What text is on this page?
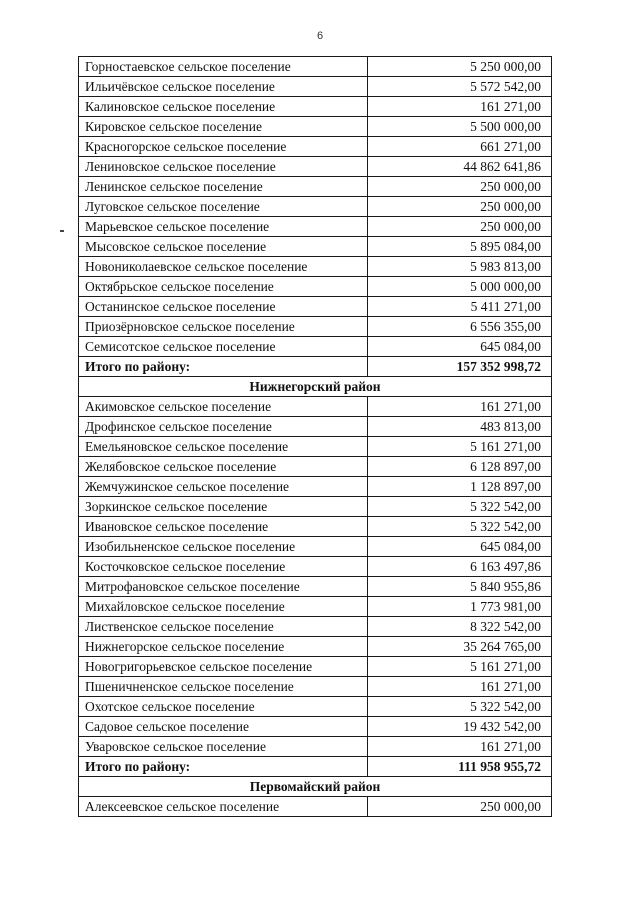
6
Горностаевское сельское поселение	5 250 000,00
Ильичёвское сельское поселение	5 572 542,00
Калиновское сельское поселение	161 271,00
Кировское сельское поселение	5 500 000,00
Красногорское сельское поселение	661 271,00
Лениновское сельское поселение	44 862 641,86
Ленинское сельское поселение	250 000,00
Луговское сельское поселение	250 000,00
Марьевское сельское поселение	250 000,00
Мысовское сельское поселение	5 895 084,00
Новониколаевское сельское поселение	5 983 813,00
Октябрьское сельское поселение	5 000 000,00
Останинское сельское поселение	5 411 271,00
Приозёрновское сельское поселение	6 556 355,00
Семисотское сельское поселение	645 084,00
Итого по району:	157 352 998,72
Нижнегорский район	
Акимовское сельское поселение	161 271,00
Дрофинское сельское поселение	483 813,00
Емельяновское сельское поселение	5 161 271,00
Желябовское сельское поселение	6 128 897,00
Жемчужинское сельское поселение	1 128 897,00
Зоркинское сельское поселение	5 322 542,00
Ивановское сельское поселение	5 322 542,00
Изобильненское сельское поселение	645 084,00
Косточковское сельское поселение	6 163 497,86
Митрофановское сельское поселение	5 840 955,86
Михайловское сельское поселение	1 773 981,00
Лиственское сельское поселение	8 322 542,00
Нижнегорское сельское поселение	35 264 765,00
Новогригорьевское сельское поселение	5 161 271,00
Пшеничненское сельское поселение	161 271,00
Охотское сельское поселение	5 322 542,00
Садовое сельское поселение	19 432 542,00
Уваровское сельское поселение	161 271,00
Итого по району:	111 958 955,72
Первомайский район	
Алексеевское сельское поселение	250 000,00
